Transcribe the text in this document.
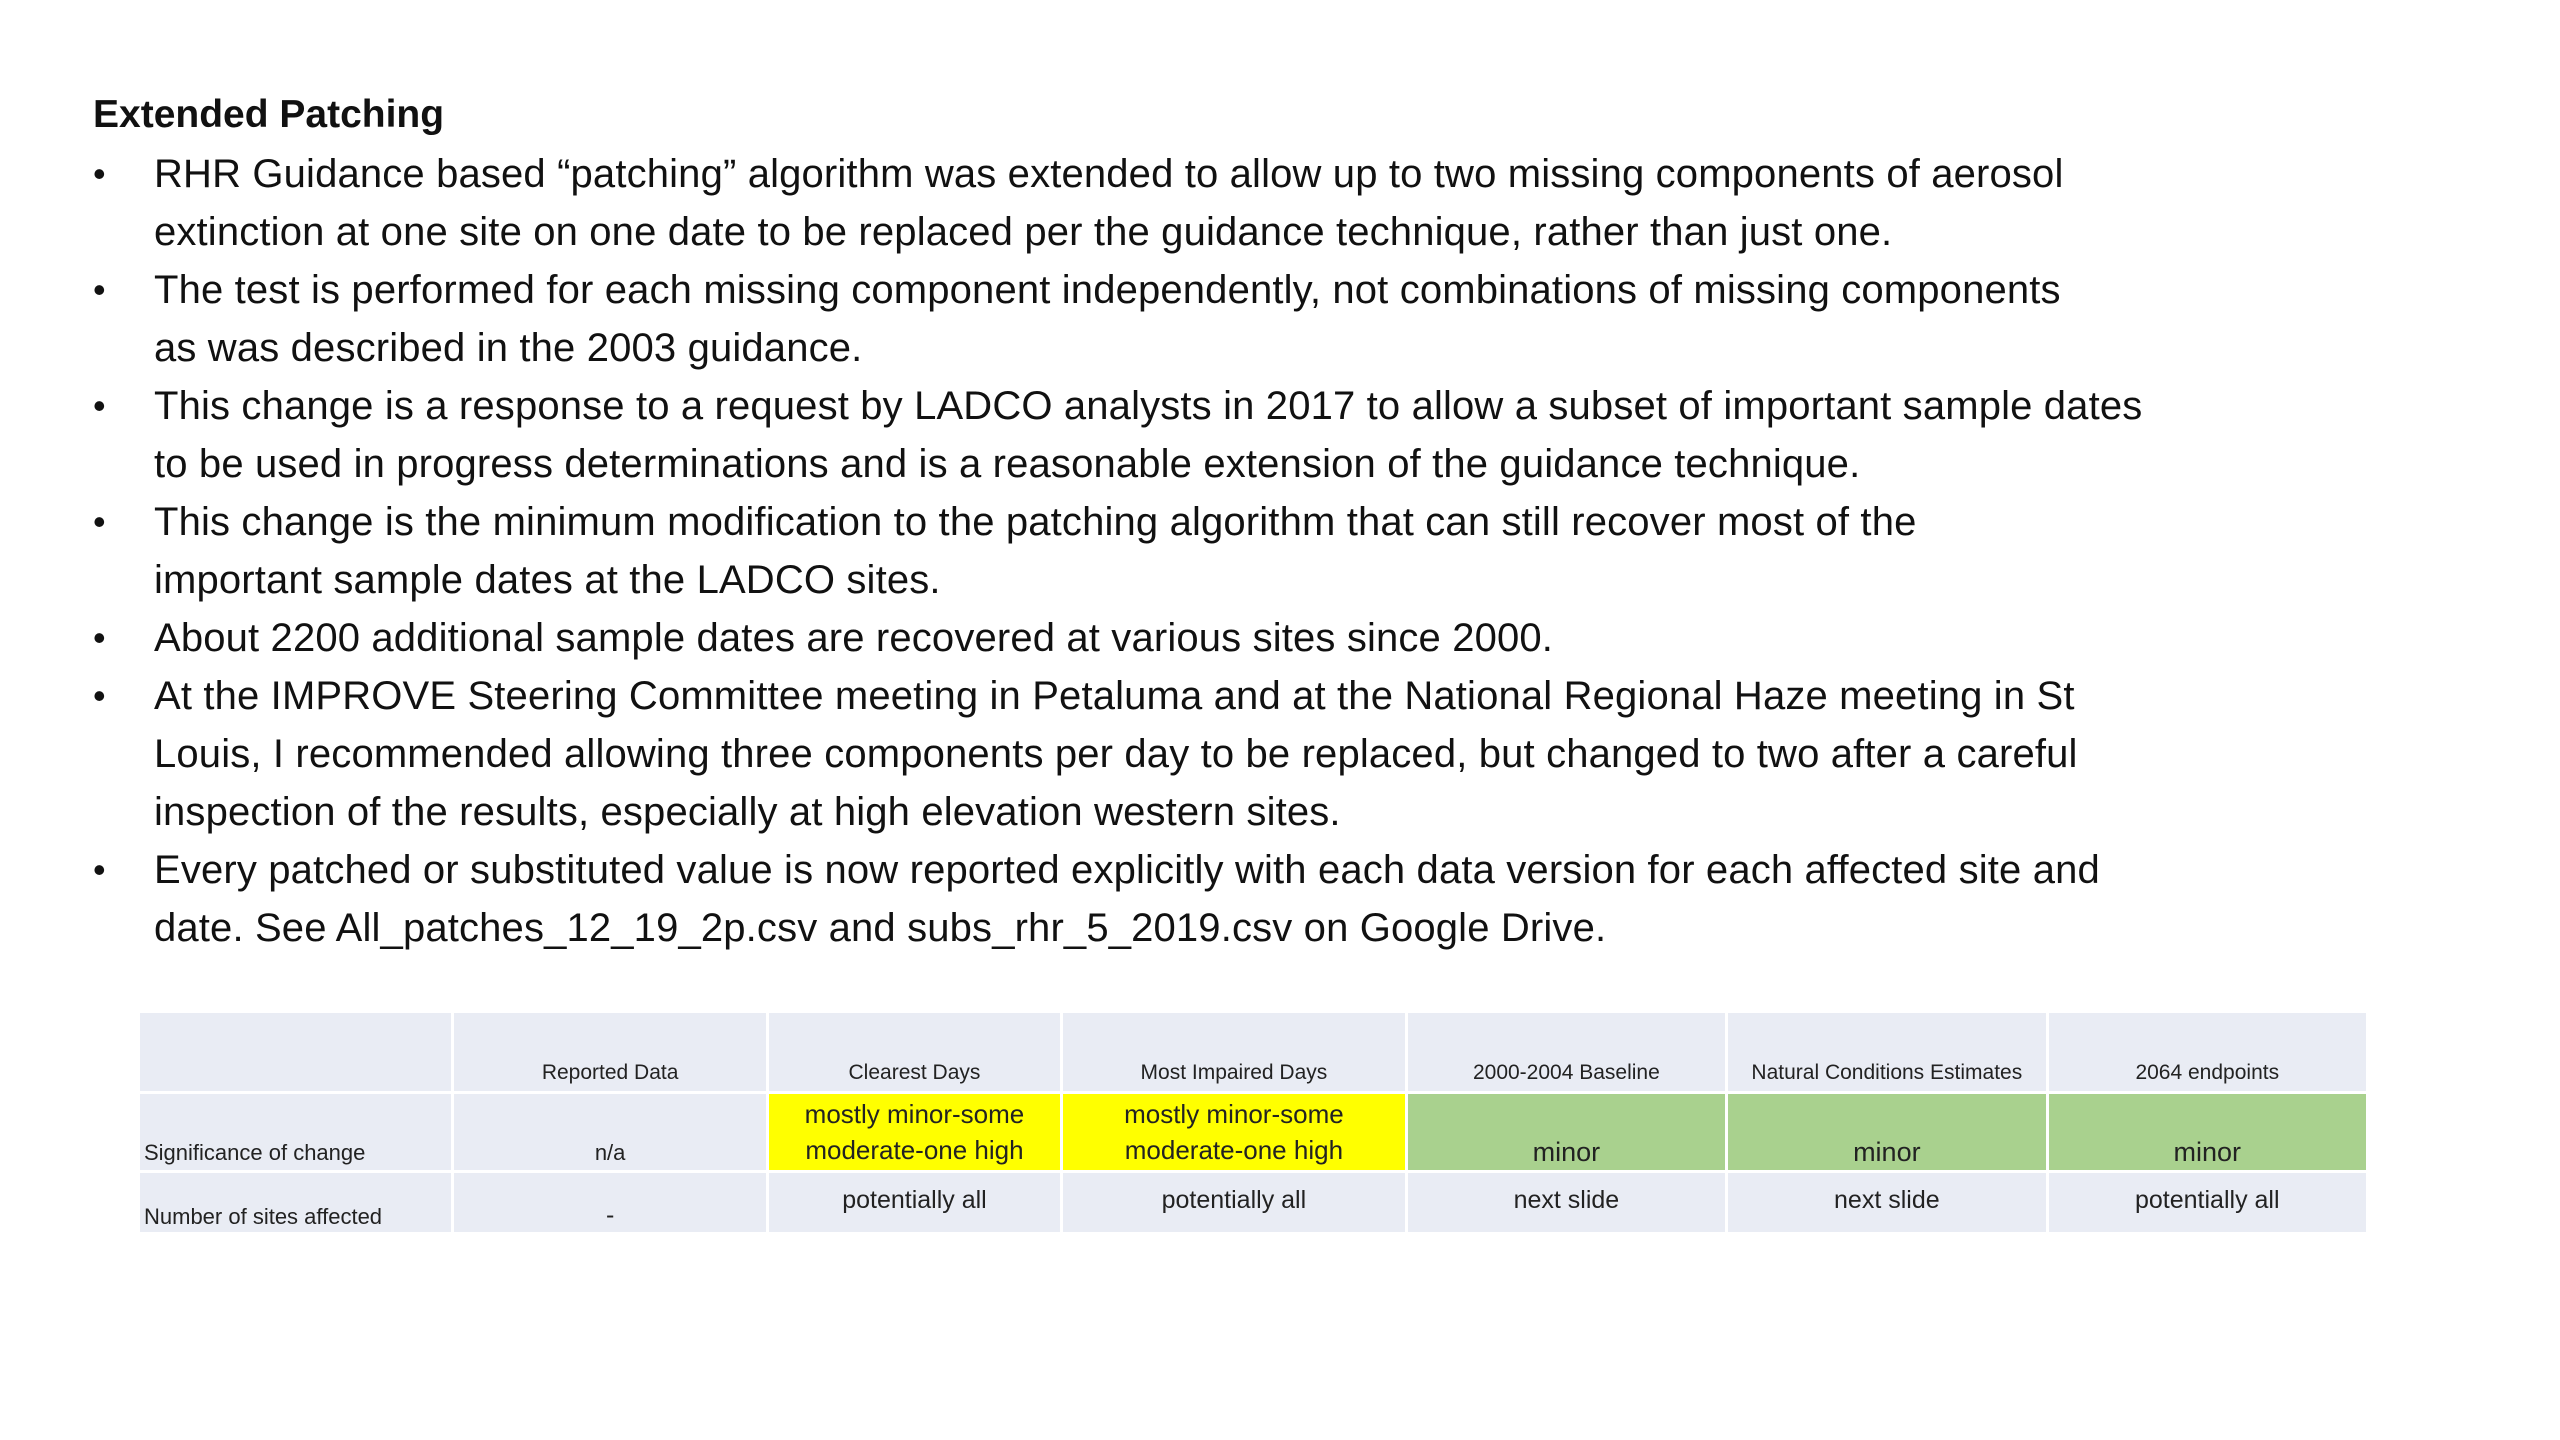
Extended Patching
•	RHR Guidance based “patching” algorithm was extended to allow up to two missing components of aerosol
extinction at one site on one date to be replaced per the guidance technique, rather than just one.
•	The test is performed for each missing component independently, not combinations of missing components
as was described in the 2003 guidance.
•	This change is a response to a request by LADCO analysts in 2017 to allow a subset of important sample dates
to be used in progress determinations and is a reasonable extension of the guidance technique.
•	This change is the minimum modification to the patching algorithm that can still recover most of the
important sample dates at the LADCO sites.
•	About 2200 additional sample dates are recovered at various sites since 2000.
•	At the IMPROVE Steering Committee meeting in Petaluma and at the National Regional Haze meeting in St
Louis, I recommended allowing three components per day to be replaced, but changed to two after a careful
inspection of the results, especially at high elevation western sites.
•	Every patched or substituted value is now reported explicitly with each data version for each affected site and
date. See All_patches_12_19_2p.csv and subs_rhr_5_2019.csv on Google Drive.
	Reported Data	Clearest Days	Most Impaired Days	2000-2004 Baseline	Natural Conditions Estimates	2064 endpoints
Significance of change	n/a	mostly minor-some
moderate-one high	mostly minor-some
moderate-one high	minor	minor	minor
Number of sites affected	-	potentially all	potentially all	next slide	next slide	potentially all
